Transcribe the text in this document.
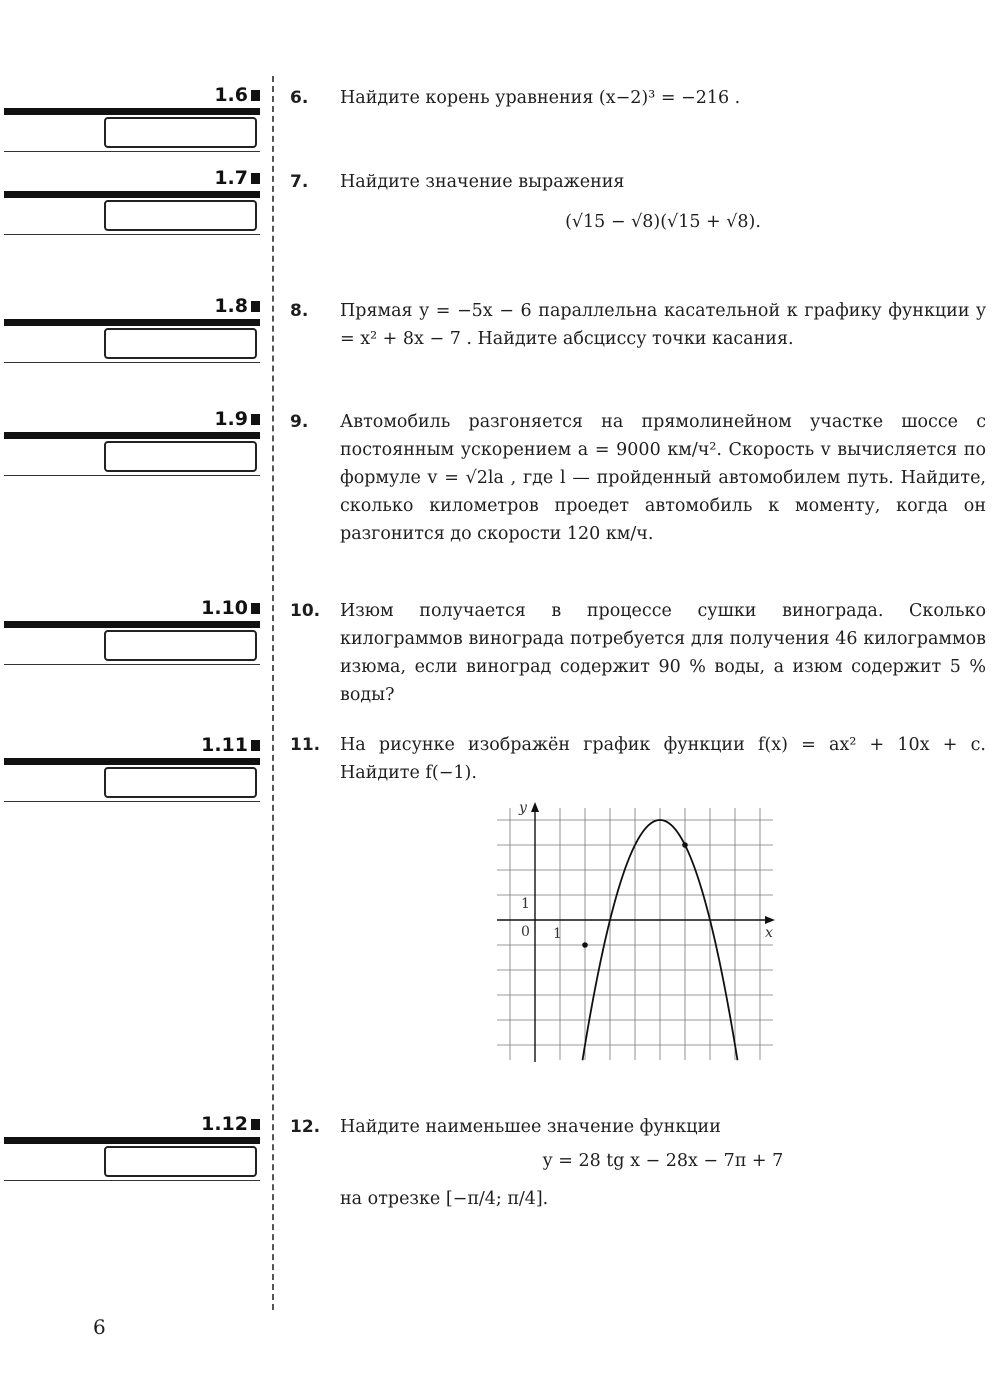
1.6
1.7
1.8
1.9
1.10
1.11
1.12
6. Найдите корень уравнения (x−2)³ = −216 .
7. Найдите значение выражения
(√15 − √8)(√15 + √8).
8. Прямая y = −5x − 6 параллельна касательной к графику функции y = x² + 8x − 7 . Найдите абсциссу точки касания.
9. Автомобиль разгоняется на прямолинейном участке шоссе с постоянным ускорением a = 9000 км/ч². Скорость v вычисляется по формуле v = √2la , где l — пройденный автомобилем путь. Найдите, сколько километров проедет автомобиль к моменту, когда он разгонится до скорости 120 км/ч.
10. Изюм получается в процессе сушки винограда. Сколько килограммов винограда потребуется для получения 46 килограммов изюма, если виноград содержит 90 % воды, а изюм содержит 5 % воды?
11. На рисунке изображён график функции f(x) = ax² + 10x + c. Найдите f(−1).
y
x
0 1
1
12. Найдите наименьшее значение функции
y = 28 tg x − 28x − 7π + 7
на отрезке [−π/4; π/4].
6
